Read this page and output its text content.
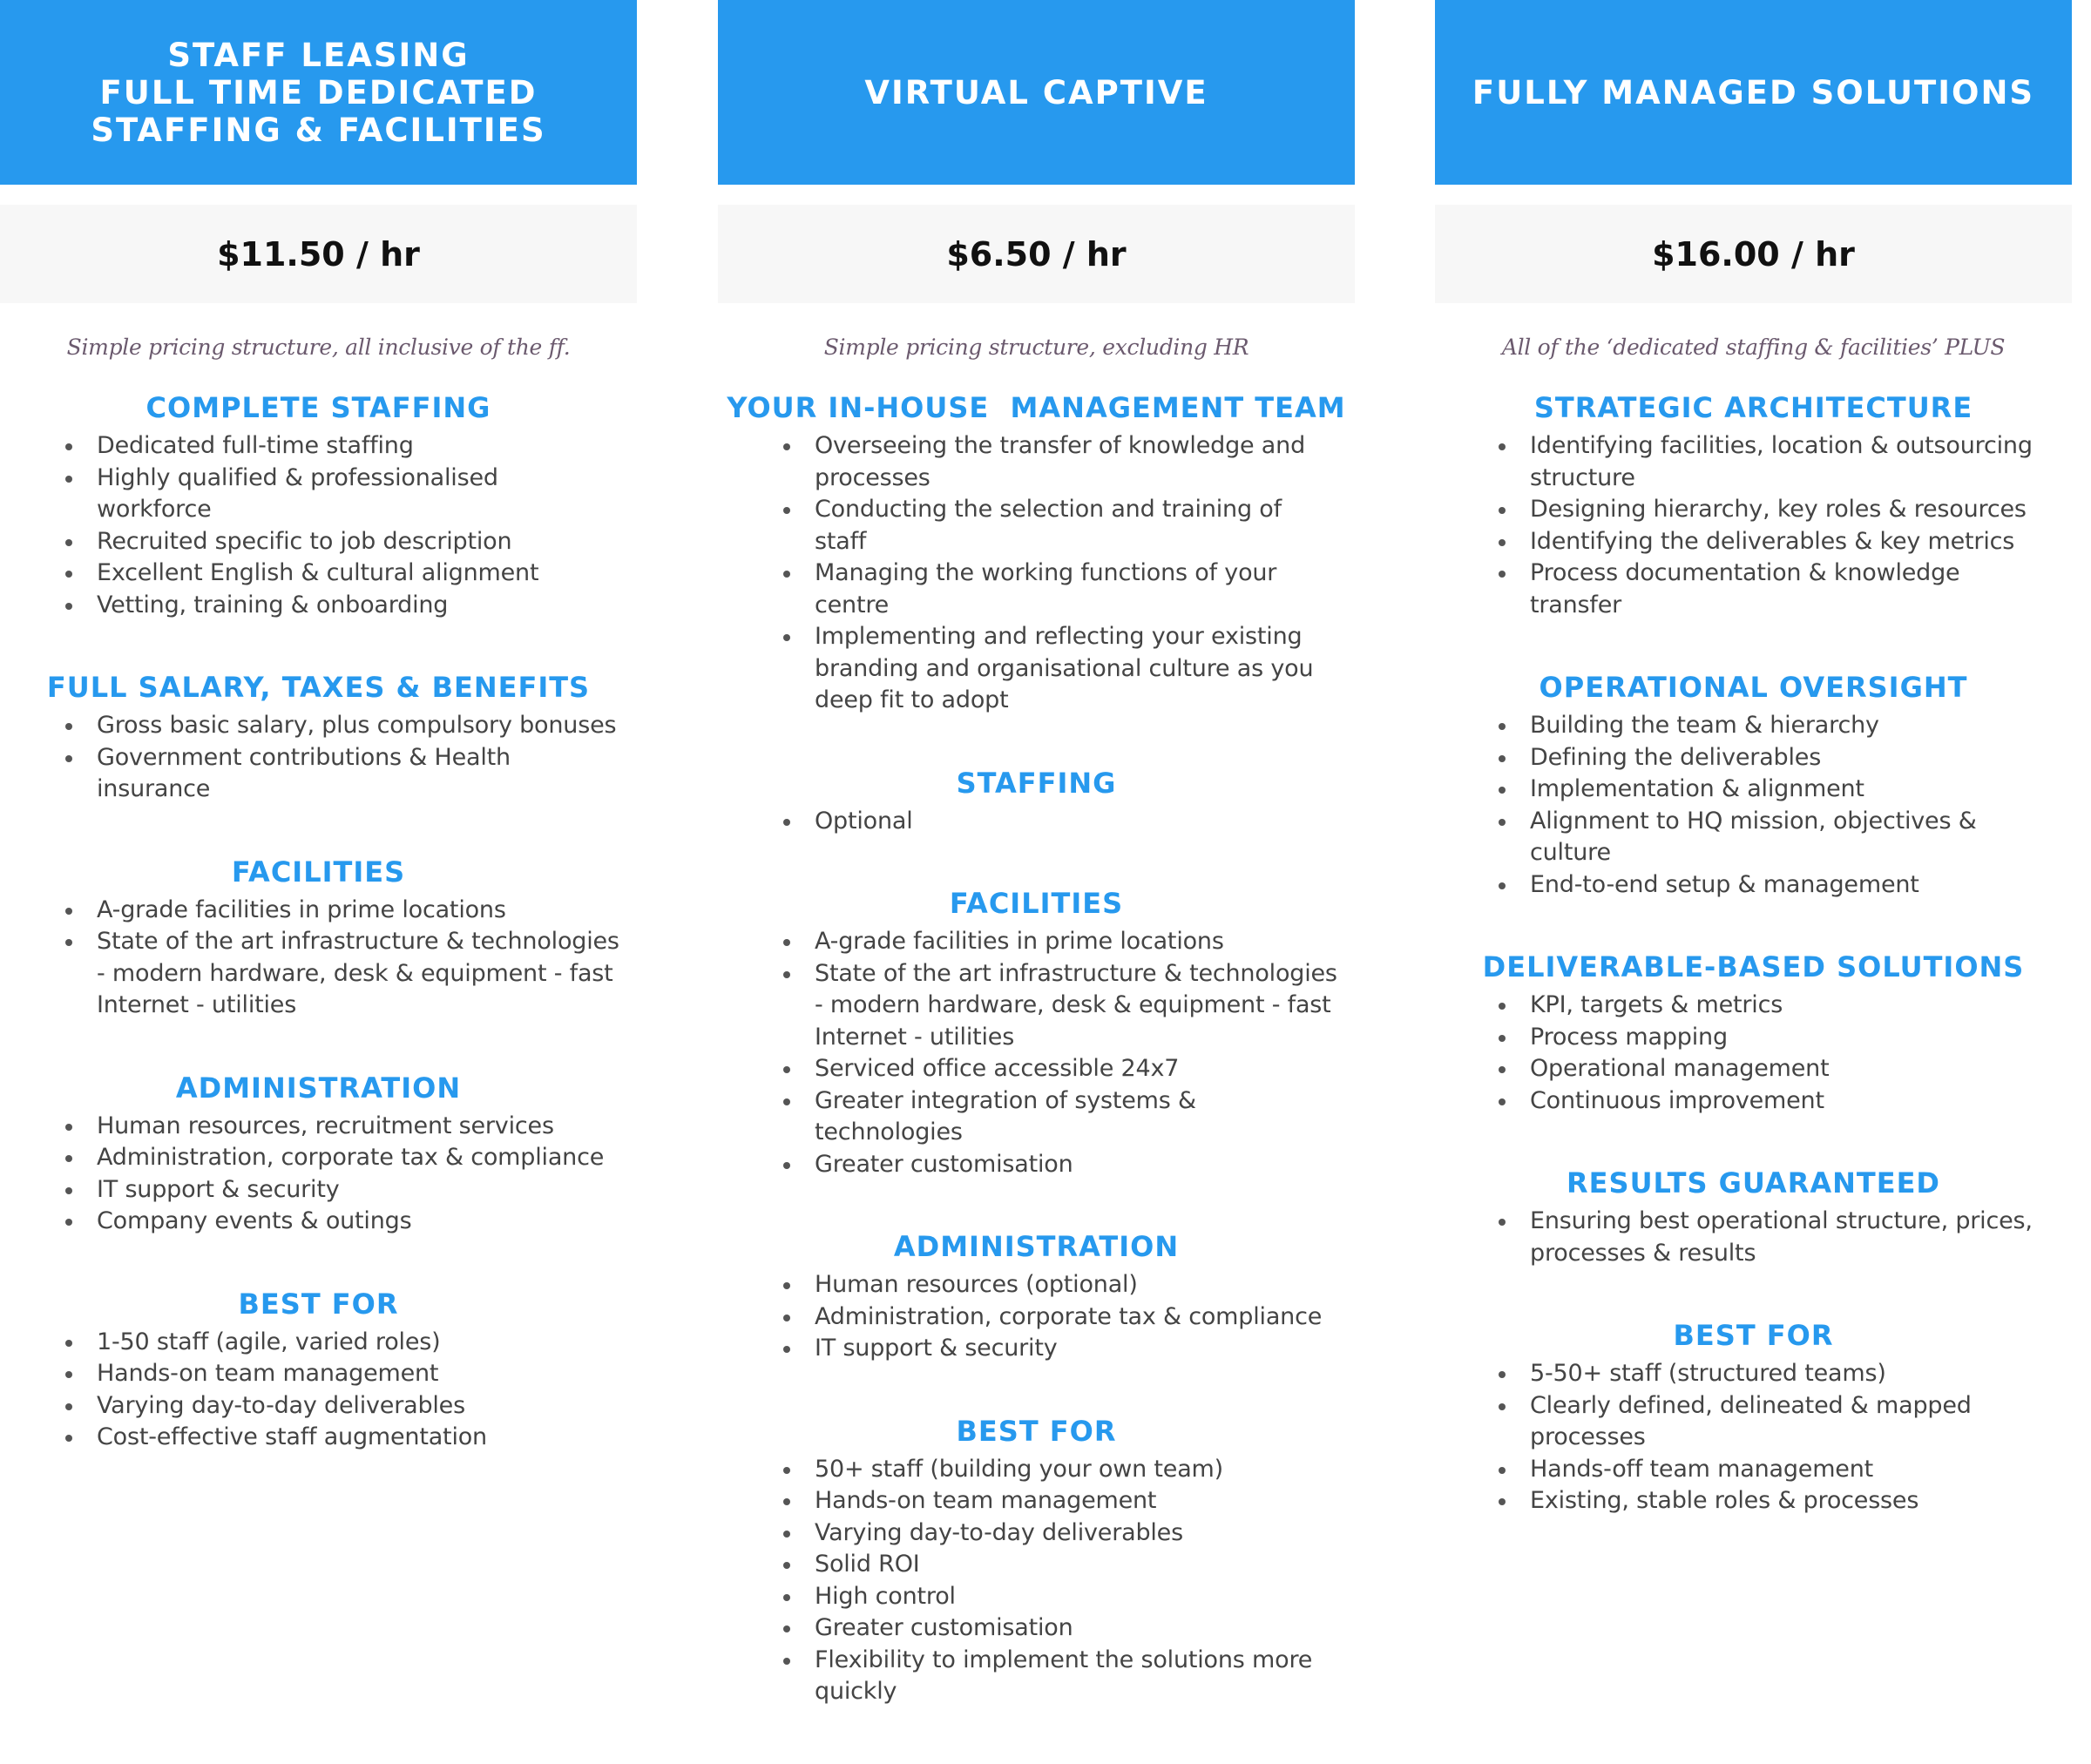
STAFF LEASING
FULL TIME DEDICATED
STAFFING & FACILITIES
$11.50 / hr
Simple pricing structure, all inclusive of the ff.
COMPLETE STAFFING
Dedicated full-time staffing
Highly qualified & professionalised workforce
Recruited specific to job description
Excellent English & cultural alignment
Vetting, training & onboarding
FULL SALARY, TAXES & BENEFITS
Gross basic salary, plus compulsory bonuses
Government contributions & Health insurance
FACILITIES
A-grade facilities in prime locations
State of the art infrastructure & technologies - modern hardware, desk & equipment - fast Internet - utilities
ADMINISTRATION
Human resources, recruitment services
Administration, corporate tax & compliance
IT support & security
Company events & outings
BEST FOR
1-50 staff (agile, varied roles)
Hands-on team management
Varying day-to-day deliverables
Cost-effective staff augmentation
VIRTUAL CAPTIVE
$6.50 / hr
Simple pricing structure, excluding HR
YOUR IN-HOUSE  MANAGEMENT TEAM
Overseeing the transfer of knowledge and processes
Conducting the selection and training of staff
Managing the working functions of your centre
Implementing and reflecting your existing branding and organisational culture as you deep fit to adopt
STAFFING
Optional
FACILITIES
A-grade facilities in prime locations
State of the art infrastructure & technologies - modern hardware, desk & equipment - fast Internet - utilities
Serviced office accessible 24x7
Greater integration of systems & technologies
Greater customisation
ADMINISTRATION
Human resources (optional)
Administration, corporate tax & compliance
IT support & security
BEST FOR
50+ staff (building your own team)
Hands-on team management
Varying day-to-day deliverables
Solid ROI
High control
Greater customisation
Flexibility to implement the solutions more quickly
FULLY MANAGED SOLUTIONS
$16.00 / hr
All of the ‘dedicated staffing & facilities’ PLUS
STRATEGIC ARCHITECTURE
Identifying facilities, location & outsourcing structure
Designing hierarchy, key roles & resources
Identifying the deliverables & key metrics
Process documentation & knowledge transfer
OPERATIONAL OVERSIGHT
Building the team & hierarchy
Defining the deliverables
Implementation & alignment
Alignment to HQ mission, objectives & culture
End-to-end setup & management
DELIVERABLE-BASED SOLUTIONS
KPI, targets & metrics
Process mapping
Operational management
Continuous improvement
RESULTS GUARANTEED
Ensuring best operational structure, prices, processes & results
BEST FOR
5-50+ staff (structured teams)
Clearly defined, delineated & mapped processes
Hands-off team management
Existing, stable roles & processes
